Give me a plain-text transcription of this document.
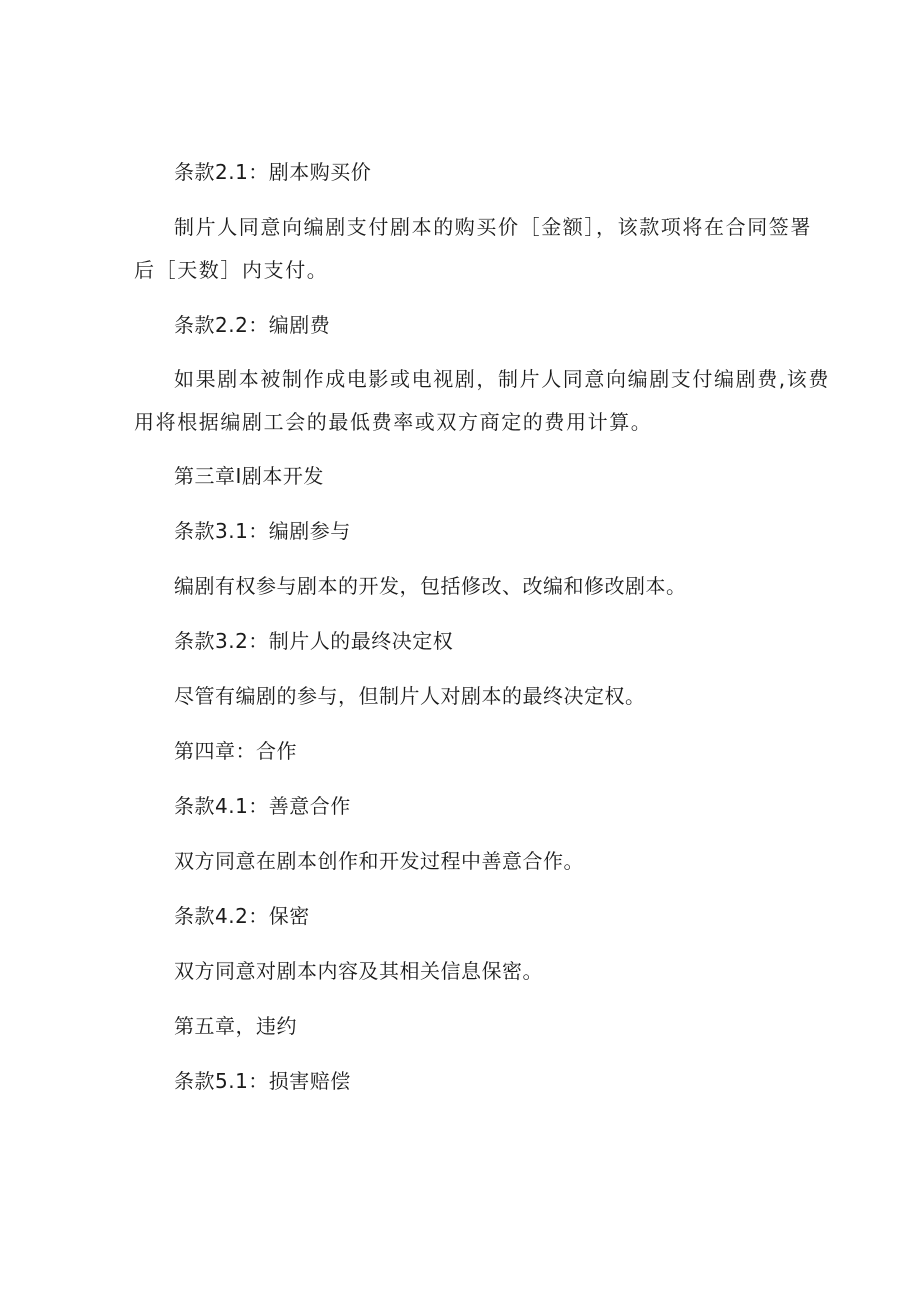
条款2.1：剧本购买价
制片人同意向编剧支付剧本的购买价［金额］，该款项将在合同签署
后［天数］内支付。
条款2.2：编剧费
如果剧本被制作成电影或电视剧，制片人同意向编剧支付编剧费,该费
用将根据编剧工会的最低费率或双方商定的费用计算。
第三章I剧本开发
条款3.1：编剧参与
编剧有权参与剧本的开发，包括修改、改编和修改剧本。
条款3.2：制片人的最终决定权
尽管有编剧的参与，但制片人对剧本的最终决定权。
第四章：合作
条款4.1：善意合作
双方同意在剧本创作和开发过程中善意合作。
条款4.2：保密
双方同意对剧本内容及其相关信息保密。
第五章，违约
条款5.1：损害赔偿
